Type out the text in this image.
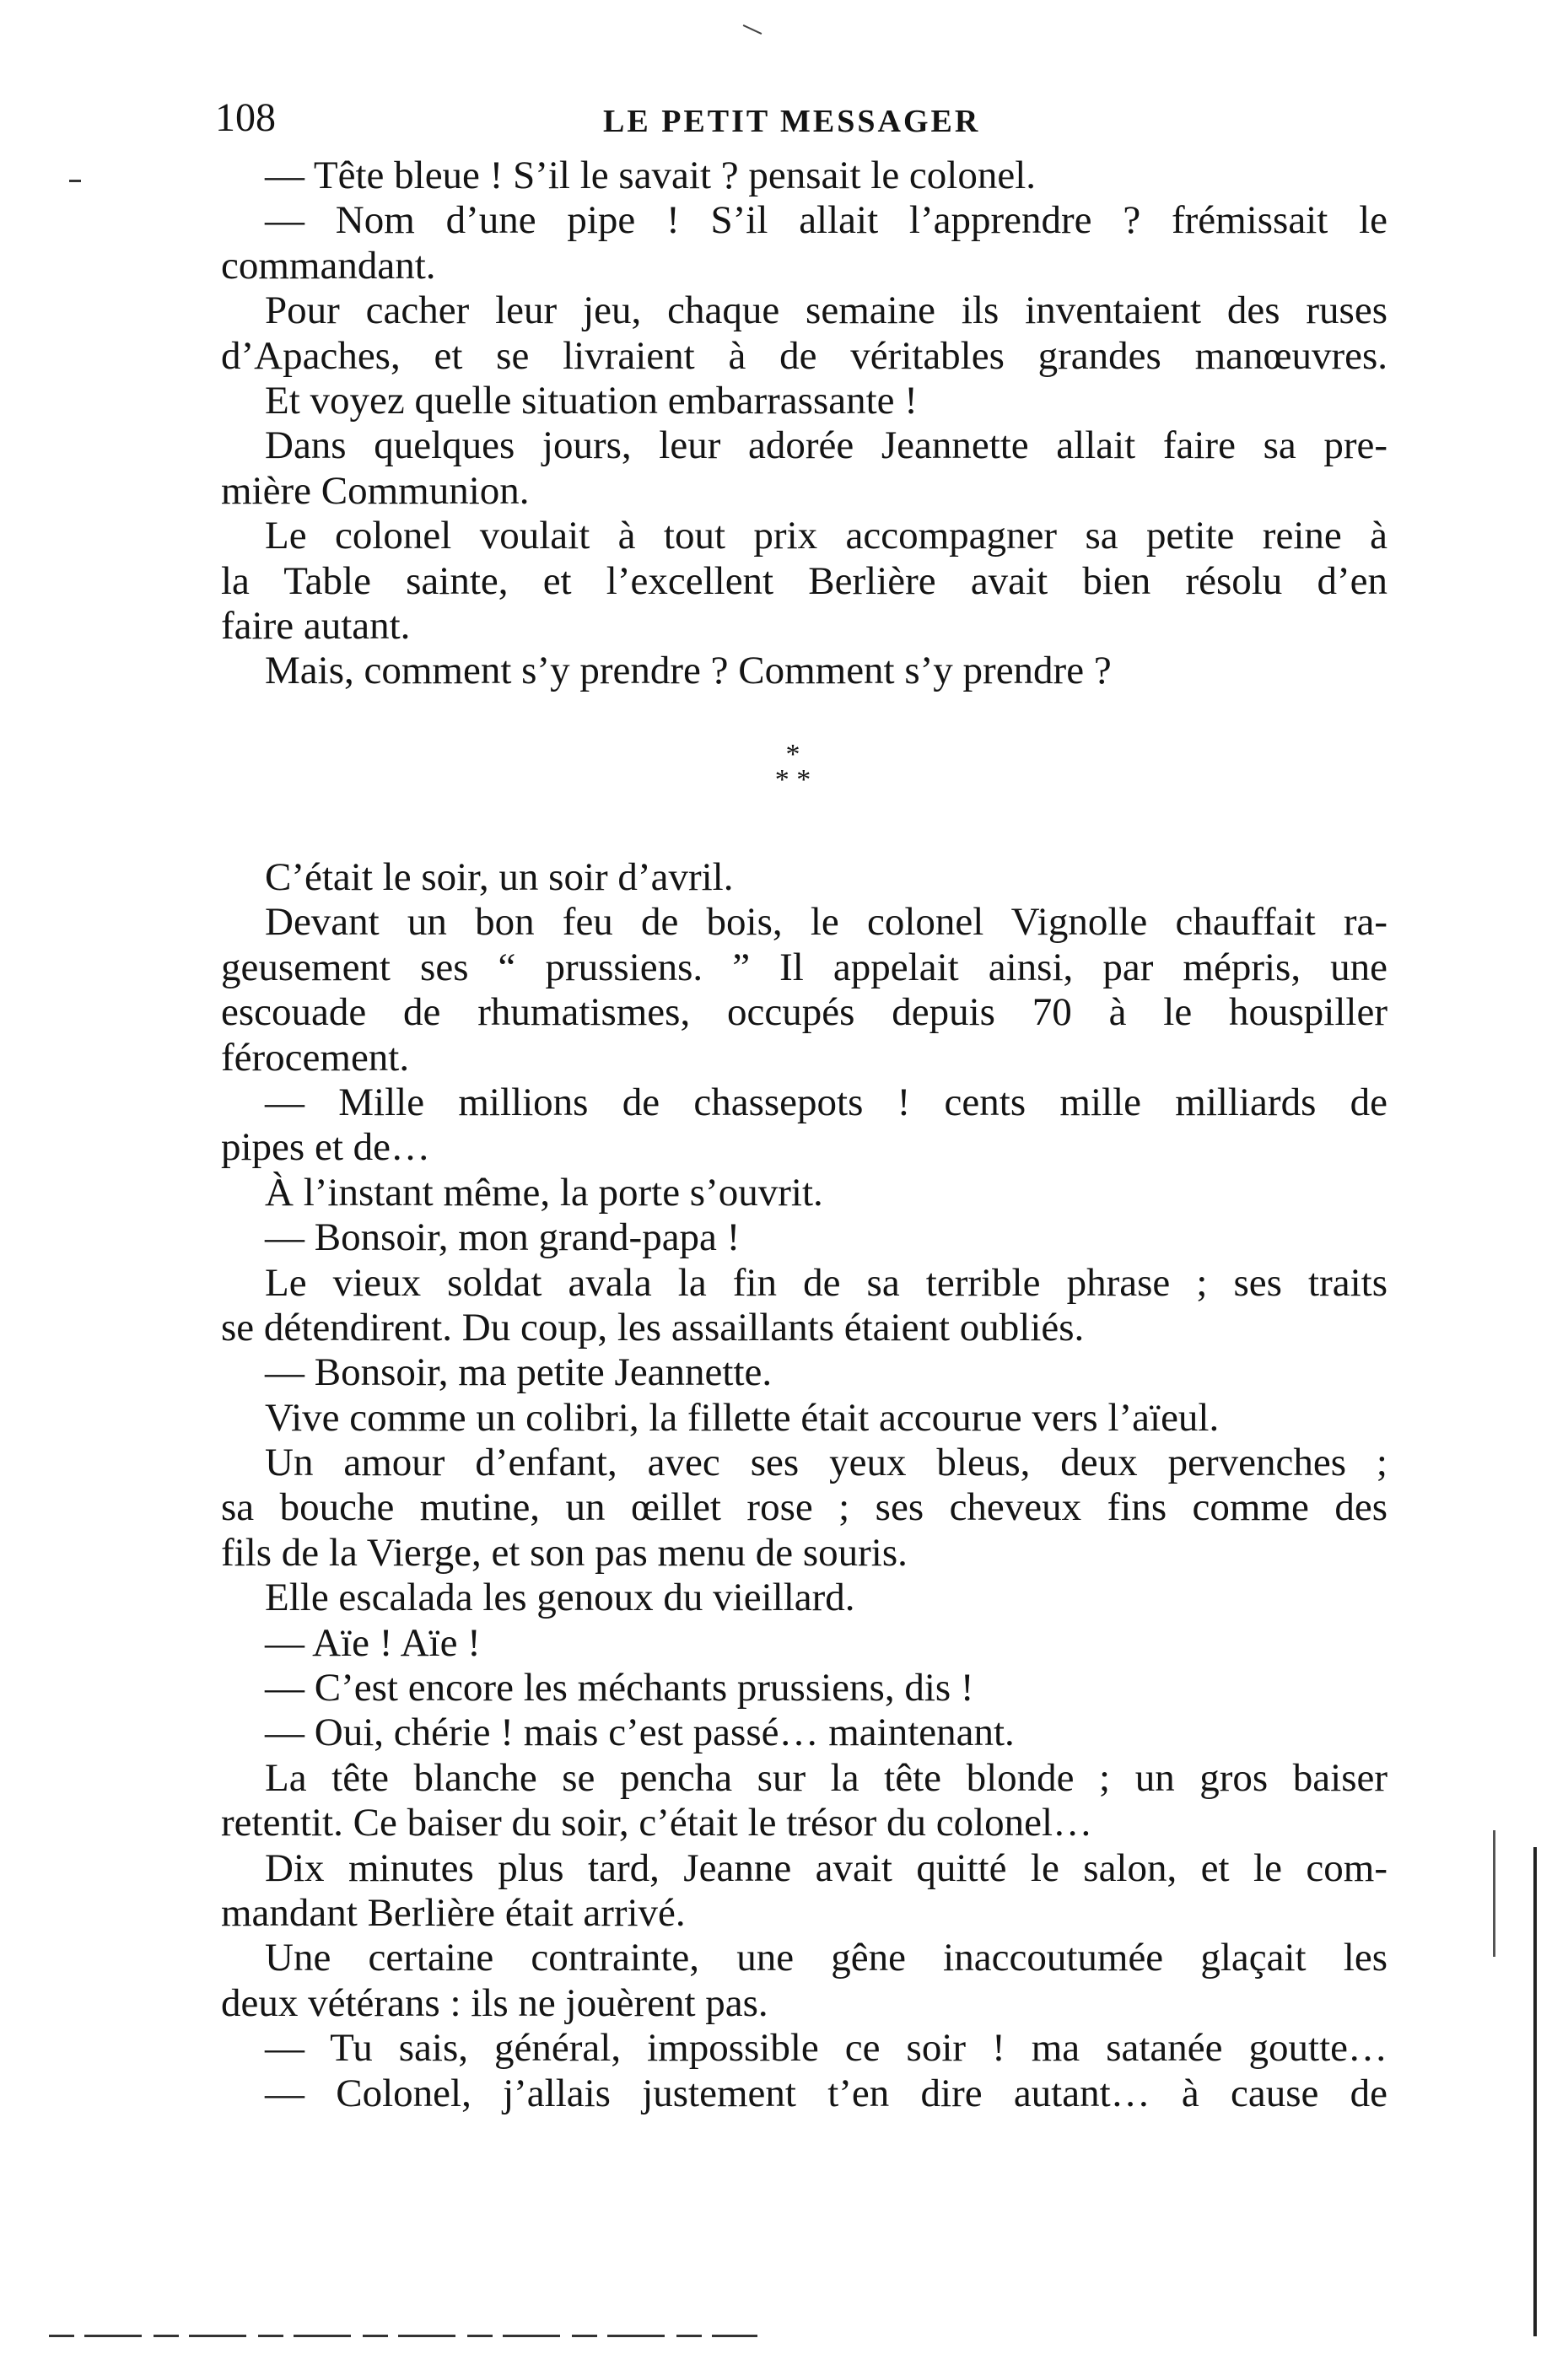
108	LE PETIT MESSAGER
— Tête bleue ! S’il le savait ? pensait le colonel.
— Nom d’une pipe ! S’il allait l’apprendre ? frémissait le
commandant.
Pour cacher leur jeu, chaque semaine ils inventaient des ruses
d’Apaches, et se livraient à de véritables grandes manœuvres.
Et voyez quelle situation embarrassante !
Dans quelques jours, leur adorée Jeannette allait faire sa pre-
mière Communion.
Le colonel voulait à tout prix accompagner sa petite reine à
la Table sainte, et l’excellent Berlière avait bien résolu d’en
faire autant.
Mais, comment s’y prendre ? Comment s’y prendre ?
*
* *
C’était le soir, un soir d’avril.
Devant un bon feu de bois, le colonel Vignolle chauffait ra-
geusement ses “ prussiens. ” Il appelait ainsi, par mépris, une
escouade de rhumatismes, occupés depuis 70 à le houspiller
férocement.
— Mille millions de chassepots ! cents mille milliards de
pipes et de…
À l’instant même, la porte s’ouvrit.
— Bonsoir, mon grand-papa !
Le vieux soldat avala la fin de sa terrible phrase ; ses traits
se détendirent. Du coup, les assaillants étaient oubliés.
— Bonsoir, ma petite Jeannette.
Vive comme un colibri, la fillette était accourue vers l’aïeul.
Un amour d’enfant, avec ses yeux bleus, deux pervenches ;
sa bouche mutine, un œillet rose ; ses cheveux fins comme des
fils de la Vierge, et son pas menu de souris.
Elle escalada les genoux du vieillard.
— Aïe ! Aïe !
— C’est encore les méchants prussiens, dis !
— Oui, chérie ! mais c’est passé… maintenant.
La tête blanche se pencha sur la tête blonde ; un gros baiser
retentit. Ce baiser du soir, c’était le trésor du colonel…
Dix minutes plus tard, Jeanne avait quitté le salon, et le com-
mandant Berlière était arrivé.
Une certaine contrainte, une gêne inaccoutumée glaçait les
deux vétérans : ils ne jouèrent pas.
— Tu sais, général, impossible ce soir ! ma satanée goutte…
— Colonel, j’allais justement t’en dire autant… à cause de
